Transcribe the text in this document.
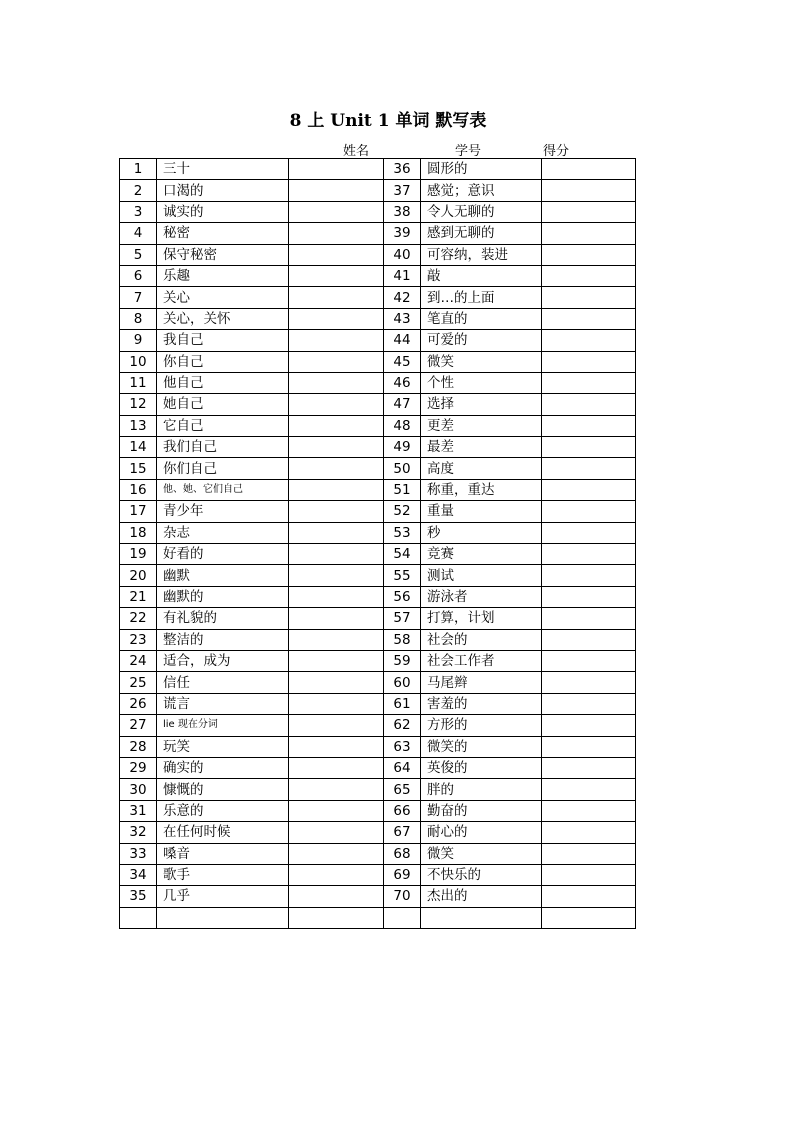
8 上 Unit 1 单词 默写表
姓名	学号	得分
1	三十		36	圆形的	
2	口渴的		37	感觉；意识	
3	诚实的		38	令人无聊的	
4	秘密		39	感到无聊的	
5	保守秘密		40	可容纳，装进	
6	乐趣		41	敲	
7	关心		42	到…的上面	
8	关心，关怀		43	笔直的	
9	我自己		44	可爱的	
10	你自己		45	微笑	
11	他自己		46	个性	
12	她自己		47	选择	
13	它自己		48	更差	
14	我们自己		49	最差	
15	你们自己		50	高度	
16	他、她、它们自己		51	称重，重达	
17	青少年		52	重量	
18	杂志		53	秒	
19	好看的		54	竞赛	
20	幽默		55	测试	
21	幽默的		56	游泳者	
22	有礼貌的		57	打算，计划	
23	整洁的		58	社会的	
24	适合，成为		59	社会工作者	
25	信任		60	马尾辫	
26	谎言		61	害羞的	
27	lie 现在分词		62	方形的	
28	玩笑		63	微笑的	
29	确实的		64	英俊的	
30	慷慨的		65	胖的	
31	乐意的		66	勤奋的	
32	在任何时候		67	耐心的	
33	嗓音		68	微笑	
34	歌手		69	不快乐的	
35	几乎		70	杰出的	
